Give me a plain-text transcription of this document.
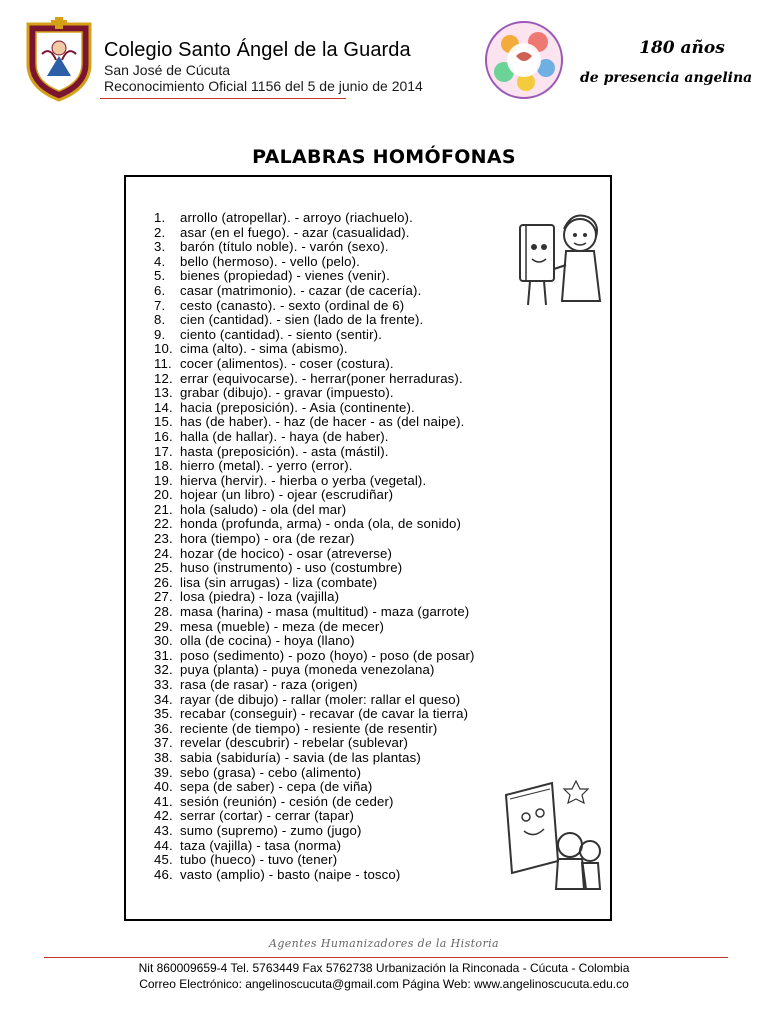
Colegio Santo Ángel de la Guarda
San José de Cúcuta
Reconocimiento Oficial 1156 del 5 de junio de 2014
180 años
de presencia angelina
PALABRAS HOMÓFONAS
1. arrollo (atropellar). - arroyo (riachuelo).
2. asar (en el fuego). - azar (casualidad).
3. barón (título noble). - varón (sexo).
4. bello (hermoso). - vello (pelo).
5. bienes (propiedad) - vienes (venir).
6. casar (matrimonio). - cazar (de cacería).
7. cesto (canasto). - sexto (ordinal de 6)
8. cien (cantidad). - sien (lado de la frente).
9. ciento (cantidad). - siento (sentir).
10. cima (alto). - sima (abismo).
11. cocer (alimentos). - coser (costura).
12. errar (equivocarse). - herrar(poner herraduras).
13. grabar (dibujo). - gravar (impuesto).
14. hacia (preposición). - Asia (continente).
15. has (de haber). - haz (de hacer - as (del naipe).
16. halla (de hallar). - haya (de haber).
17. hasta (preposición). - asta (mástil).
18. hierro (metal). - yerro (error).
19. hierva (hervir). - hierba o yerba (vegetal).
20. hojear (un libro) - ojear (escrudiñar)
21. hola (saludo) - ola (del mar)
22. honda (profunda, arma) - onda (ola, de sonido)
23. hora (tiempo) - ora (de rezar)
24. hozar (de hocico) - osar (atreverse)
25. huso (instrumento) - uso (costumbre)
26. lisa (sin arrugas) - liza (combate)
27. losa (piedra) - loza (vajilla)
28. masa (harina) - masa (multitud) - maza (garrote)
29. mesa (mueble) - meza (de mecer)
30. olla (de cocina) - hoya (llano)
31. poso (sedimento) - pozo (hoyo) - poso (de posar)
32. puya (planta) - puya (moneda venezolana)
33. rasa (de rasar) - raza (origen)
34. rayar (de dibujo) - rallar (moler: rallar el queso)
35. recabar (conseguir) - recavar (de cavar la tierra)
36. reciente (de tiempo) - resiente (de resentir)
37. revelar (descubrir) - rebelar (sublevar)
38. sabia (sabiduría) - savia (de las plantas)
39. sebo (grasa) - cebo (alimento)
40. sepa (de saber) - cepa (de viña)
41. sesión (reunión) - cesión (de ceder)
42. serrar (cortar) - cerrar (tapar)
43. sumo (supremo) - zumo (jugo)
44. taza (vajilla) - tasa (norma)
45. tubo (hueco) - tuvo (tener)
46. vasto (amplio) - basto (naipe - tosco)
Agentes Humanizadores de la Historia
Nit 860009659-4 Tel. 5763449 Fax 5762738 Urbanización la Rinconada - Cúcuta - Colombia
Correo Electrónico: angelinoscucuta@gmail.com Página Web: www.angelinoscucuta.edu.co
